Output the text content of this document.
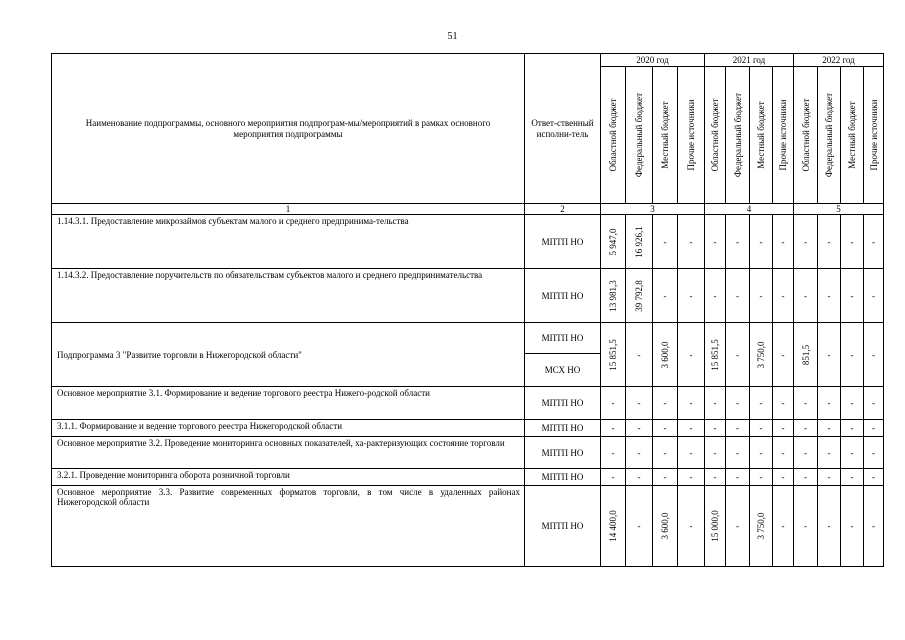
51
Наименование подпрограммы, основного мероприятия подпрограм-мы/мероприятий в рамках основного мероприятия подпрограммы	Ответ-ственный исполни-тель	2020 год				2021 год				2022 год			

		Областной бюджет	Федеральный бюджет	Местный бюджет	Прочие источники	Областной бюджет	Федеральный бюджет	Местный бюджет	Прочие источники	Областной бюджет	Федеральный бюджет	Местный бюджет	Прочие источники

1	2	3				4				5			
1.14.3.1. Предоставление микрозаймов субъектам малого и среднего предпринима-тельства	МПТП НО	5 947,0	16 926,1	-	-	-	-	-	-	-	-	-	-
1.14.3.2. Предоставление поручительств по обязательствам субъектов малого и среднего предпринимательства	МПТП НО	13 981,3	39 792,8	-	-	-	-	-	-	-	-	-	-
Подпрограмма 3 "Развитие торговли в Нижегородской области"	МПТП НО	15 851,5	-	3 600,0	-	15 851,5	-	3 750,0	-	851,5	-	-	-
	МСХ НО												
Основное мероприятие 3.1. Формирование и ведение торгового реестра Нижего-родской области	МПТП НО	-	-	-	-	-	-	-	-	-	-	-	-
3.1.1. Формирование и ведение торгового реестра Нижегородской области	МПТП НО	-	-	-	-	-	-	-	-	-	-	-	-
Основное мероприятие 3.2. Проведение мониторинга основных показателей, ха-рактеризующих состояние торговли	МПТП НО	-	-	-	-	-	-	-	-	-	-	-	-
3.2.1. Проведение мониторинга оборота розничной торговли	МПТП НО	-	-	-	-	-	-	-	-	-	-	-	-
Основное мероприятие 3.3. Развитие современных форматов торговли, в том числе в удаленных районах Нижегородской области	МПТП НО	14 400,0	-	3 600,0	-	15 000,0	-	3 750,0	-	-	-	-	-
